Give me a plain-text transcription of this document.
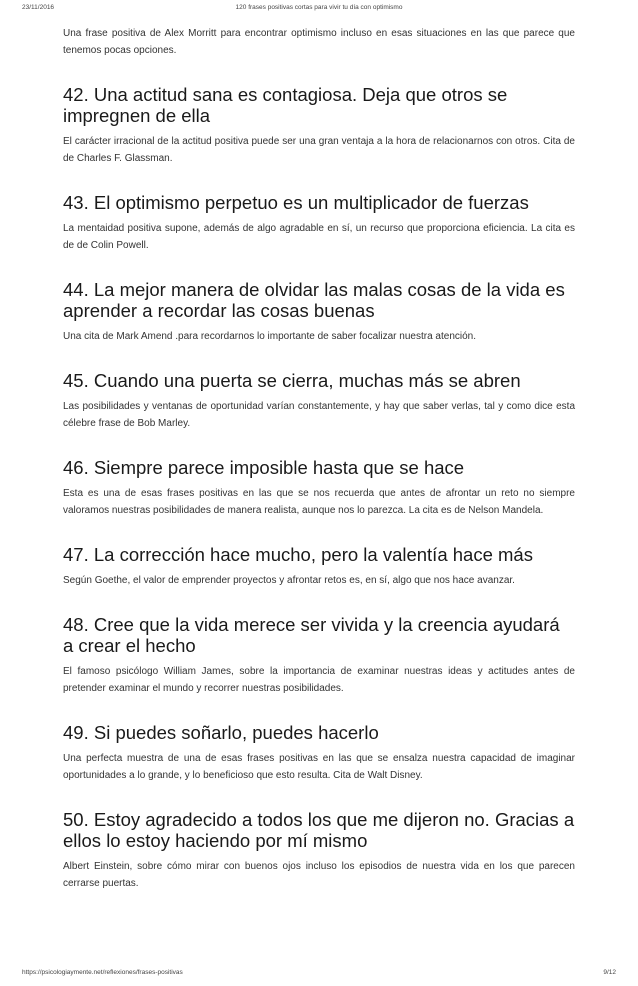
23/11/2016	120 frases positivas cortas para vivir tu día con optimismo

Una frase positiva de Alex Morritt para encontrar optimismo incluso en esas situaciones en las que parece que tenemos pocas opciones.

42. Una actitud sana es contagiosa. Deja que otros se impregnen de ella

El carácter irracional de la actitud positiva puede ser una gran ventaja a la hora de relacionarnos con otros. Cita de de Charles F. Glassman.

43. El optimismo perpetuo es un multiplicador de fuerzas

La mentaidad positiva supone, además de algo agradable en sí, un recurso que proporciona eficiencia. La cita es de de Colin Powell.

44. La mejor manera de olvidar las malas cosas de la vida es aprender a recordar las cosas buenas

Una cita de Mark Amend .para recordarnos lo importante de saber focalizar nuestra atención.

45. Cuando una puerta se cierra, muchas más se abren

Las posibilidades y ventanas de oportunidad varían constantemente, y hay que saber verlas, tal y como dice esta célebre frase de Bob Marley.

46. Siempre parece imposible hasta que se hace

Esta es una de esas frases positivas en las que se nos recuerda que antes de afrontar un reto no siempre valoramos nuestras posibilidades de manera realista, aunque nos lo parezca. La cita es de Nelson Mandela.

47. La corrección hace mucho, pero la valentía hace más

Según Goethe, el valor de emprender proyectos y afrontar retos es, en sí, algo que nos hace avanzar.

48. Cree que la vida merece ser vivida y la creencia ayudará a crear el hecho

El famoso psicólogo William James, sobre la importancia de examinar nuestras ideas y actitudes antes de pretender examinar el mundo y recorrer nuestras posibilidades.

49. Si puedes soñarlo, puedes hacerlo

Una perfecta muestra de una de esas frases positivas en las que se ensalza nuestra capacidad de imaginar oportunidades a lo grande, y lo beneficioso que esto resulta. Cita de Walt Disney.

50. Estoy agradecido a todos los que me dijeron no. Gracias a ellos lo estoy haciendo por mí mismo

Albert Einstein, sobre cómo mirar con buenos ojos incluso los episodios de nuestra vida en los que parecen cerrarse puertas.

https://psicologiaymente.net/reflexiones/frases-positivas	9/12
